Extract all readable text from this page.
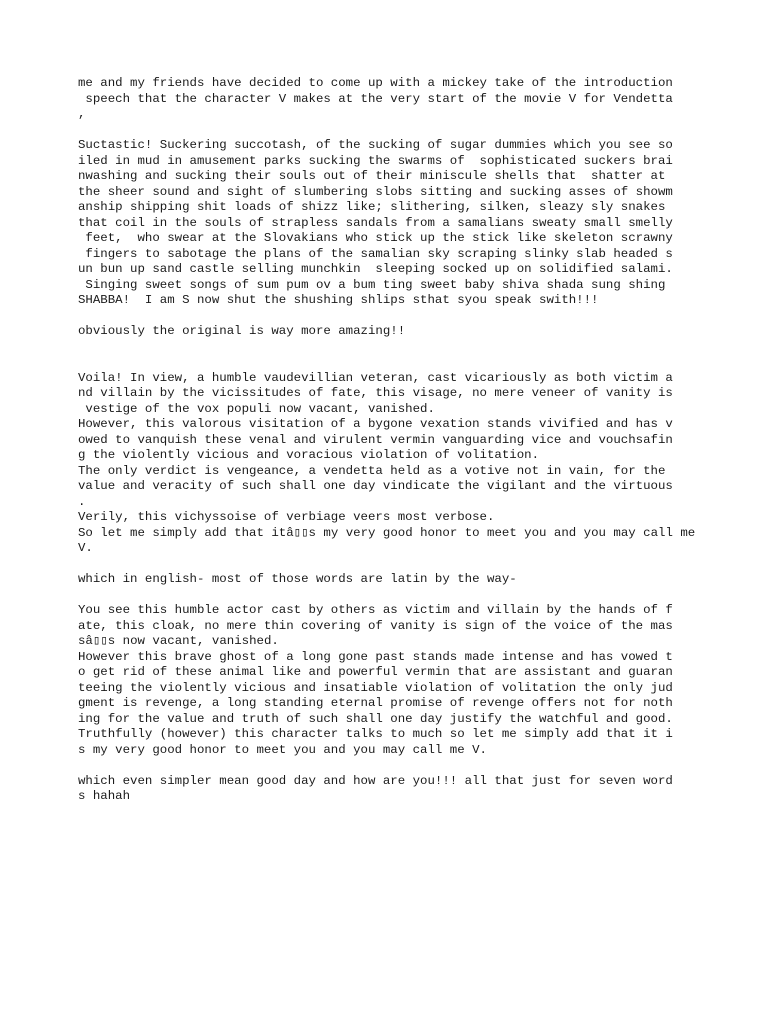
me and my friends have decided to come up with a mickey take of the introduction
speech that the character V makes at the very start of the movie V for Vendetta
,
Suctastic! Suckering succotash, of the sucking of sugar dummies which you see so
iled in mud in amusement parks sucking the swarms of  sophisticated suckers brai
nwashing and sucking their souls out of their miniscule shells that  shatter at
the sheer sound and sight of slumbering slobs sitting and sucking asses of showm
anship shipping shit loads of shizz like; slithering, silken, sleazy sly snakes
that coil in the souls of strapless sandals from a samalians sweaty small smelly
feet,  who swear at the Slovakians who stick up the stick like skeleton scrawny
fingers to sabotage the plans of the samalian sky scraping slinky slab headed s
un bun up sand castle selling munchkin  sleeping socked up on solidified salami.
Singing sweet songs of sum pum ov a bum ting sweet baby shiva shada sung shing
SHABBA!  I am S now shut the shushing shlips sthat syou speak swith!!!
obviously the original is way more amazing!!
Voila! In view, a humble vaudevillian veteran, cast vicariously as both victim a
nd villain by the vicissitudes of fate, this visage, no mere veneer of vanity is
vestige of the vox populi now vacant, vanished.
However, this valorous visitation of a bygone vexation stands vivified and has v
owed to vanquish these venal and virulent vermin vanguarding vice and vouchsafin
g the violently vicious and voracious violation of volitation.
The only verdict is vengeance, a vendetta held as a votive not in vain, for the
value and veracity of such shall one day vindicate the vigilant and the virtuous
.
Verily, this vichyssoise of verbiage veers most verbose.
So let me simply add that itâ▯▯s my very good honor to meet you and you may call me
V.
which in english- most of those words are latin by the way-
You see this humble actor cast by others as victim and villain by the hands of f
ate, this cloak, no mere thin covering of vanity is sign of the voice of the mas
sâ▯▯s now vacant, vanished.
However this brave ghost of a long gone past stands made intense and has vowed t
o get rid of these animal like and powerful vermin that are assistant and guaran
teeing the violently vicious and insatiable violation of volitation the only jud
gment is revenge, a long standing eternal promise of revenge offers not for noth
ing for the value and truth of such shall one day justify the watchful and good.
Truthfully (however) this character talks to much so let me simply add that it i
s my very good honor to meet you and you may call me V.
which even simpler mean good day and how are you!!! all that just for seven word
s hahah
